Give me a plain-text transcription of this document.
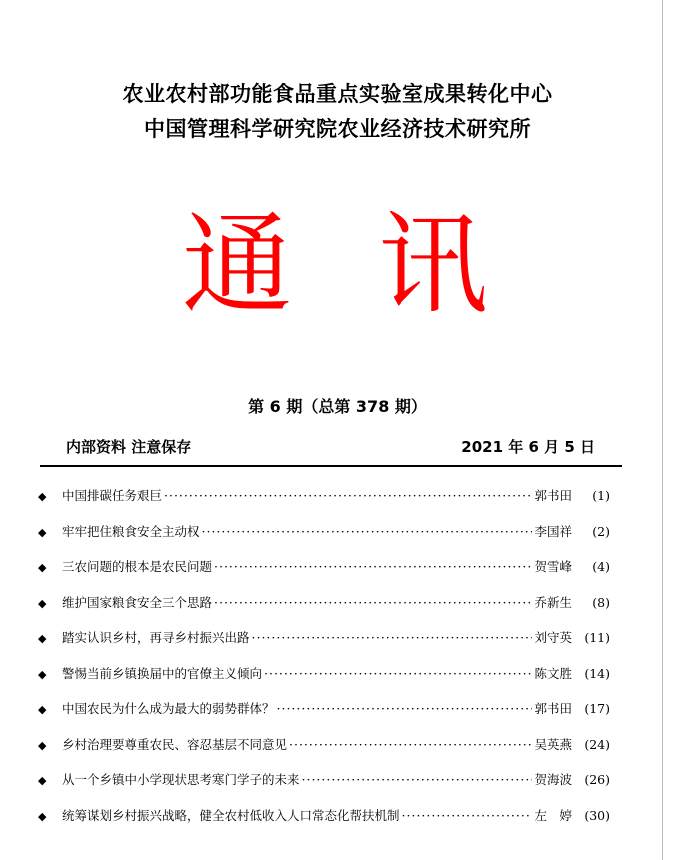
农业农村部功能食品重点实验室成果转化中心
中国管理科学研究院农业经济技术研究所
通 讯
第 6 期（总第 378 期）
内部资料 注意保存	2021 年 6 月 5 日
◆	中国排碳任务艰巨 ·····	郭书田	(1)
◆	牢牢把住粮食安全主动权 ·····	李国祥	(2)
◆	三农问题的根本是农民问题 ·····	贺雪峰	(4)
◆	维护国家粮食安全三个思路 ·····	乔新生	(8)
◆	踏实认识乡村，再寻乡村振兴出路 ·····	刘守英 (11)
◆	警惕当前乡镇换届中的官僚主义倾向 ·····	陈文胜 (14)
◆	中国农民为什么成为最大的弱势群体？ ·····	郭书田 (17)
◆	乡村治理要尊重农民、容忍基层不同意见 ·····	吴英燕 (24)
◆	从一个乡镇中小学现状思考寒门学子的未来 ·····	贺海波 (26)
◆	统筹谋划乡村振兴战略，健全农村低收入人口常态化帮扶机制 ·····	左　婷 (30)
